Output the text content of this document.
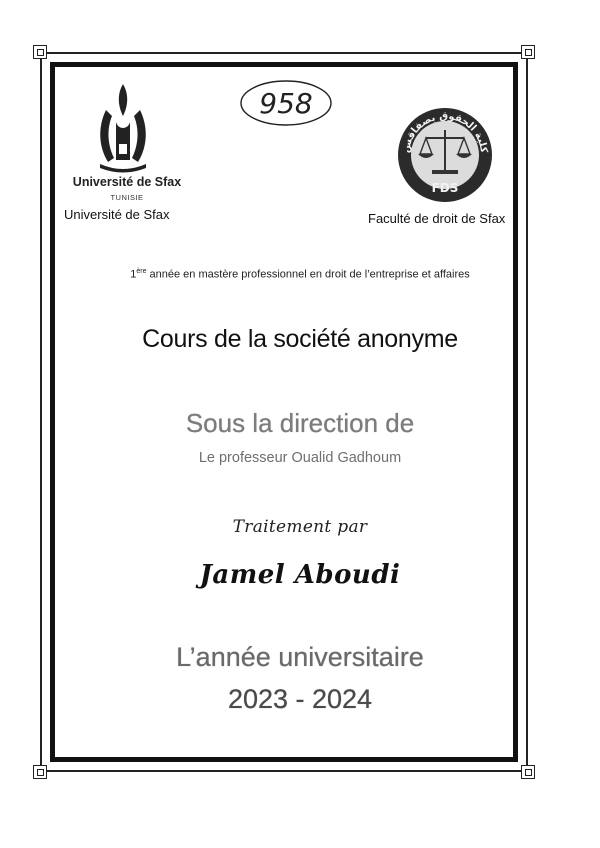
Université de Sfax
TUNISIE
Université de Sfax
958
كلية الحقوق بصفاقس
FDS
Faculté de droit de Sfax
1ère année en mastère professionnel en droit de l’entreprise et affaires
Cours de la société anonyme
Sous la direction de
Le professeur Oualid Gadhoum
Traitement par
Jamel Aboudi
L’année universitaire
2023 - 2024
